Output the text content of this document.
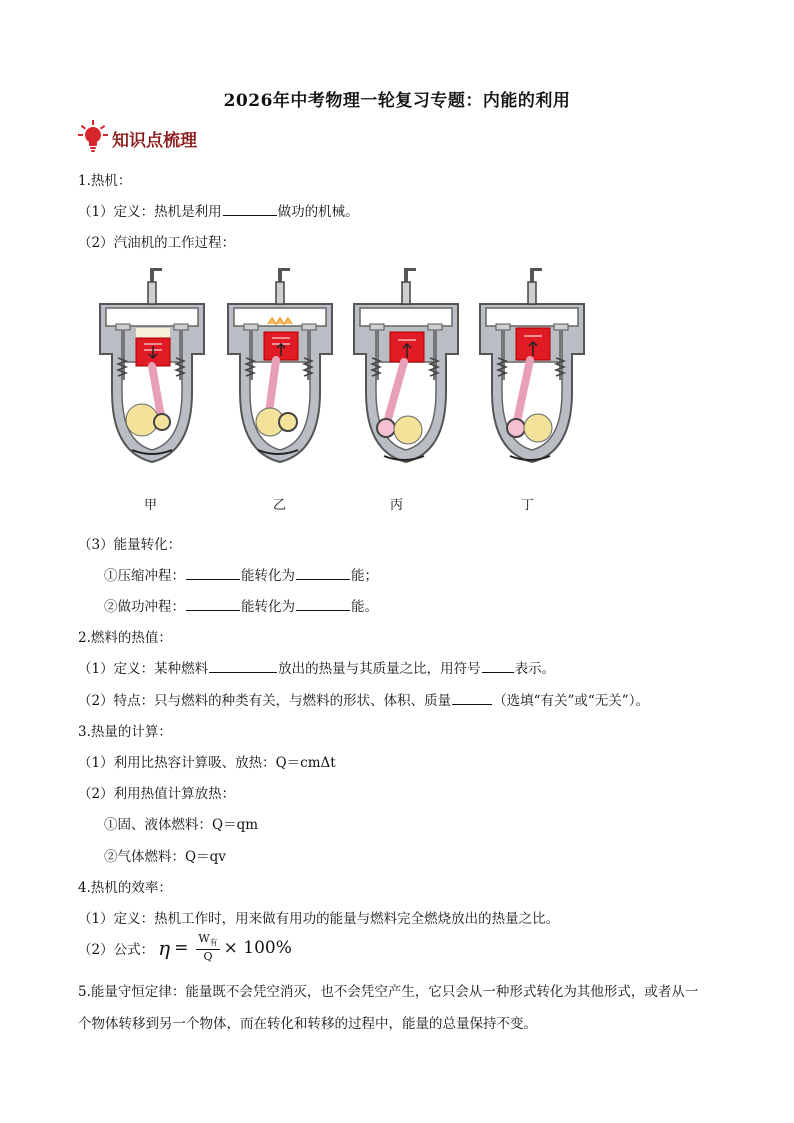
2026年中考物理一轮复习专题：内能的利用
知识点梳理
1.热机：
（1）定义：热机是利用	做功的机械。
（2）汽油机的工作过程：
甲	乙	丙	丁
（3）能量转化：
①压缩冲程：	能转化为	能；
②做功冲程：	能转化为	能。
2.燃料的热值：
（1）定义：某种燃料	放出的热量与其质量之比，用符号	表示。
（2）特点：只与燃料的种类有关，与燃料的形状、体积、质量	（选填“有关”或“无关”）。
3.热量的计算：
（1）利用比热容计算吸、放热：Q＝cmΔt
（2）利用热值计算放热：
①固、液体燃料：Q＝qm
②气体燃料：Q＝qv
4.热机的效率：
（1）定义：热机工作时，用来做有用功的能量与燃料完全燃烧放出的热量之比。
（2）公式： $\eta = \frac{W_有}{Q} \times 100\%$
5.能量守恒定律：能量既不会凭空消灭，也不会凭空产生，它只会从一种形式转化为其他形式，或者从一
个物体转移到另一个物体，而在转化和转移的过程中，能量的总量保持不变。
